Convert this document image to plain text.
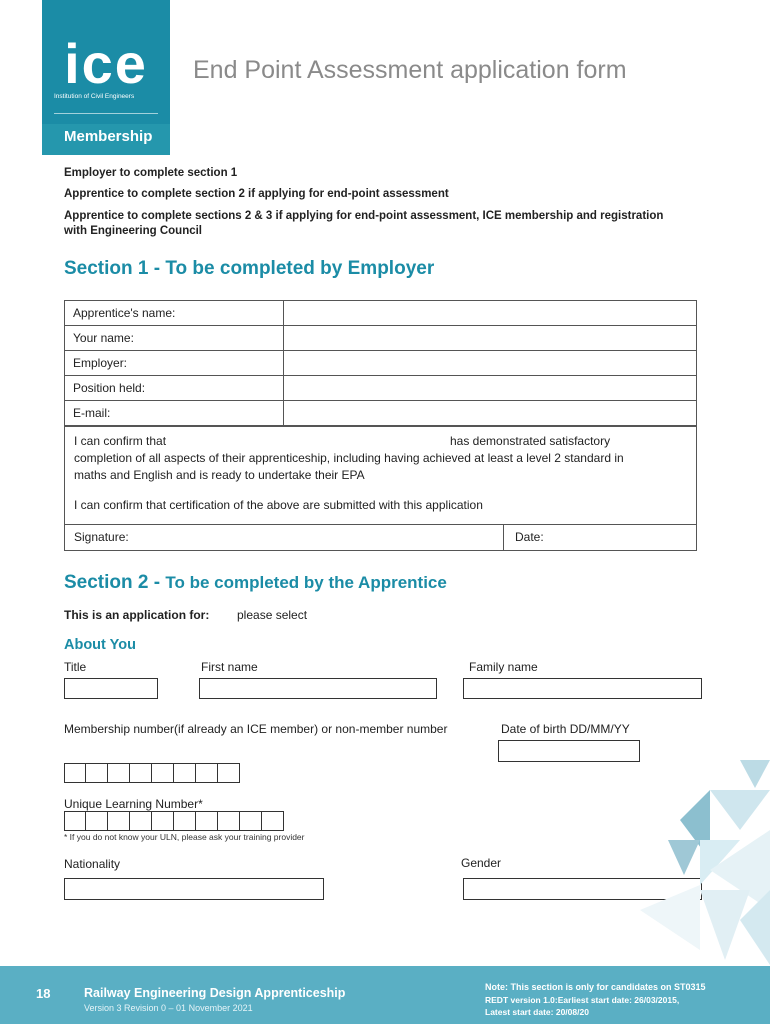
ice
Institution of Civil Engineers
Membership
End Point Assessment application form
Employer to complete section 1
Apprentice to complete section 2 if applying for end-point assessment
Apprentice to complete sections 2 & 3 if applying for end-point assessment, ICE membership and registration with Engineering Council
Section 1 - To be completed by Employer
Apprentice's name:	
Your name:	
Employer:	
Position held:	
E-mail:	
I can confirm that	has demonstrated satisfactory
completion of all aspects of their apprenticeship, including having achieved at least a level 2 standard in maths and English and is ready to undertake their EPA
I can confirm that certification of the above are submitted with this application
Signature:	Date:
Section 2 - To be completed by the Apprentice
This is an application for: please select
About You
Title	First name	Family name
Membership number(if already an ICE member) or non-member number	Date of birth DD/MM/YY
Unique Learning Number*
* If you do not know your ULN, please ask your training provider
Nationality	Gender
18	Railway Engineering Design Apprenticeship
Version 3 Revision 0 – 01 November 2021
Note: This section is only for candidates on ST0315
REDT version 1.0:Earliest start date: 26/03/2015,
Latest start date: 20/08/20
